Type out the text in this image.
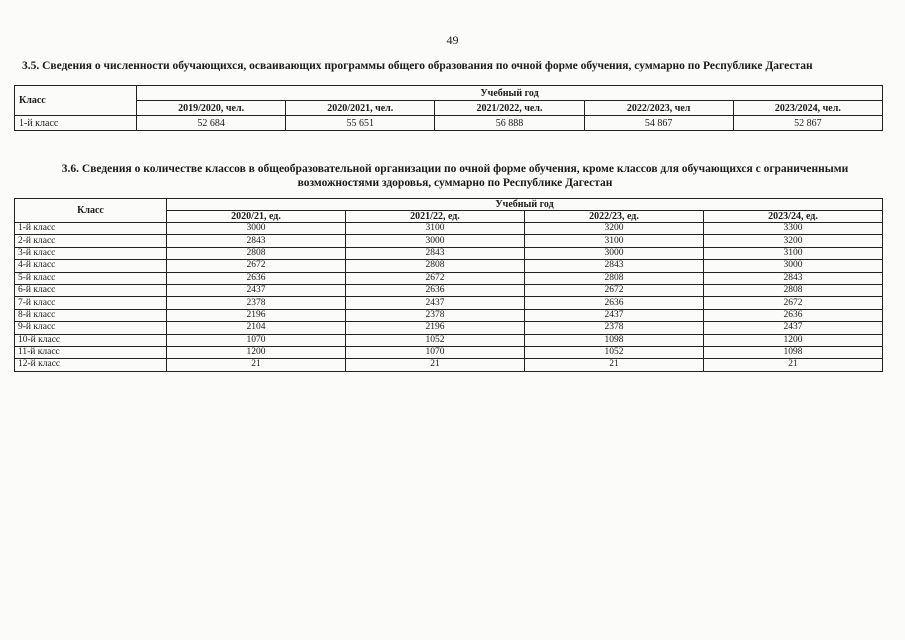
49
3.5. Сведения о численности обучающихся, осваивающих программы общего образования по очной форме обучения, суммарно по Республике Дагестан
Класс	Учебный год				
	2019/2020, чел.	2020/2021, чел.	2021/2022, чел.	2022/2023, чел	2023/2024, чел.
1-й класс	52 684	55 651	56 888	54 867	52 867
3.6. Сведения о количестве классов в общеобразовательной организации по очной форме обучения, кроме классов для обучающихся с ограниченными
возможностями здоровья, суммарно по Республике Дагестан
Класс	Учебный год			
	2020/21, ед.	2021/22, ед.	2022/23, ед.	2023/24, ед.
1-й класс	3000	3100	3200	3300
2-й класс	2843	3000	3100	3200
3-й класс	2808	2843	3000	3100
4-й класс	2672	2808	2843	3000
5-й класс	2636	2672	2808	2843
6-й класс	2437	2636	2672	2808
7-й класс	2378	2437	2636	2672
8-й класс	2196	2378	2437	2636
9-й класс	2104	2196	2378	2437
10-й класс	1070	1052	1098	1200
11-й класс	1200	1070	1052	1098
12-й класс	21	21	21	21
